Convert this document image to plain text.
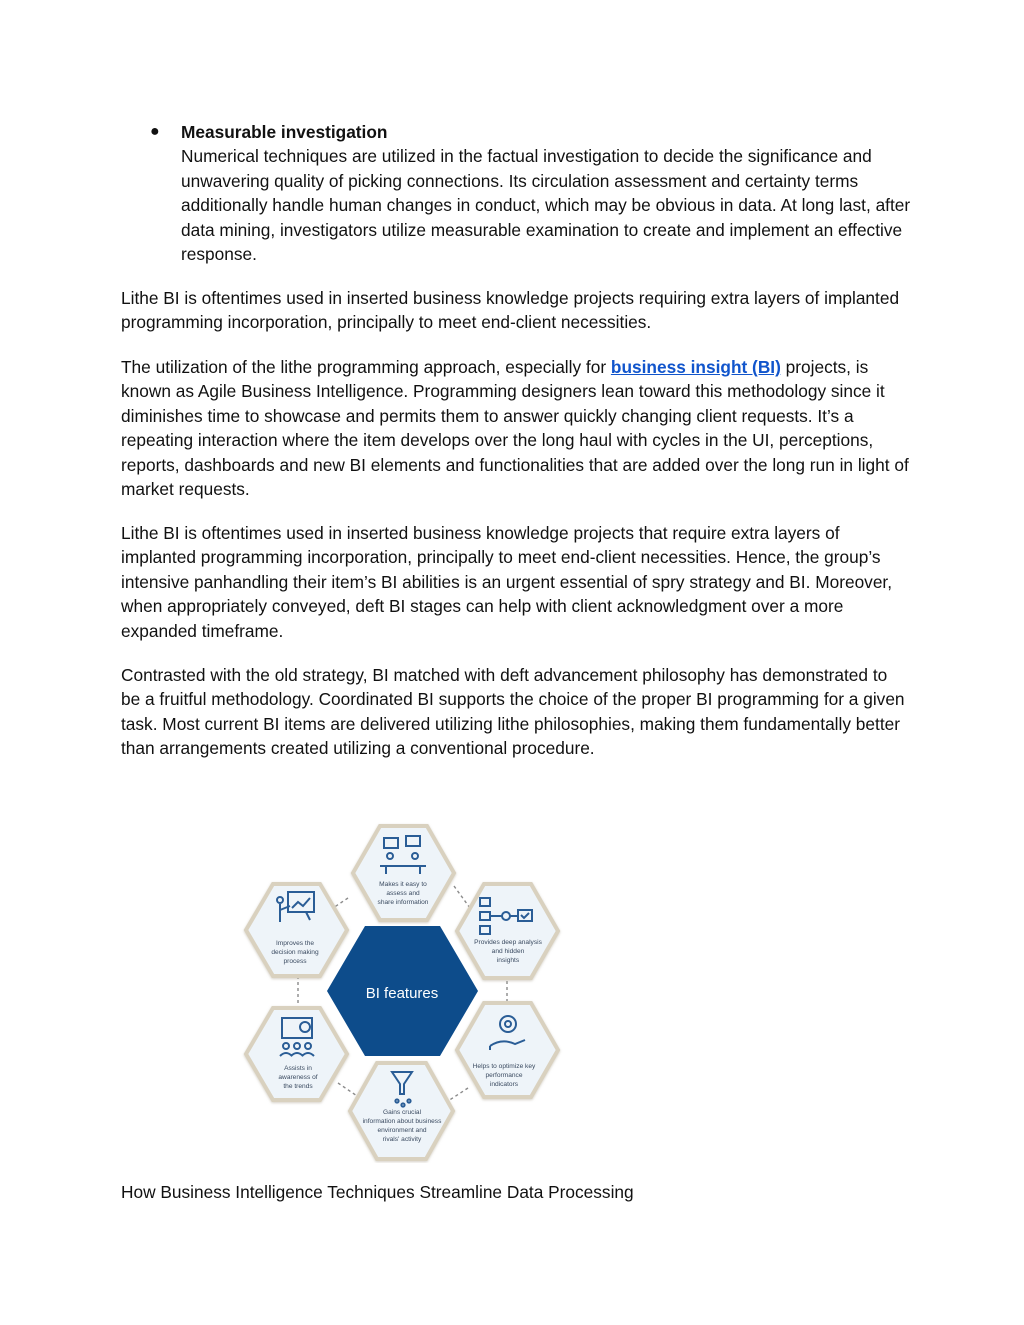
● Measurable investigation
Numerical techniques are utilized in the factual investigation to decide the significance and unwavering quality of picking connections. Its circulation assessment and certainty terms additionally handle human changes in conduct, which may be obvious in data. At long last, after data mining, investigators utilize measurable examination to create and implement an effective response.

Lithe BI is oftentimes used in inserted business knowledge projects requiring extra layers of implanted programming incorporation, principally to meet end-client necessities.

The utilization of the lithe programming approach, especially for business insight (BI) projects, is known as Agile Business Intelligence. Programming designers lean toward this methodology since it diminishes time to showcase and permits them to answer quickly changing client requests. It’s a repeating interaction where the item develops over the long haul with cycles in the UI, perceptions, reports, dashboards and new BI elements and functionalities that are added over the long run in light of market requests.

Lithe BI is oftentimes used in inserted business knowledge projects that require extra layers of implanted programming incorporation, principally to meet end-client necessities. Hence, the group’s intensive panhandling their item’s BI abilities is an urgent essential of spry strategy and BI. Moreover, when appropriately conveyed, deft BI stages can help with client acknowledgment over a more expanded timeframe.

Contrasted with the old strategy, BI matched with deft advancement philosophy has demonstrated to be a fruitful methodology. Coordinated BI supports the choice of the proper BI programming for a given task. Most current BI items are delivered utilizing lithe philosophies, making them fundamentally better than arrangements created utilizing a conventional procedure.

Makes it easy to
assess and
share information
Provides deep analysis
and hidden
insights
Helps to optimize key
performance
indicators
Gains crucial
information about business
environment and
rivals' activity
Assists in
awareness of
the trends
Improves the
decision making
process
BI features
How Business Intelligence Techniques Streamline Data Processing
